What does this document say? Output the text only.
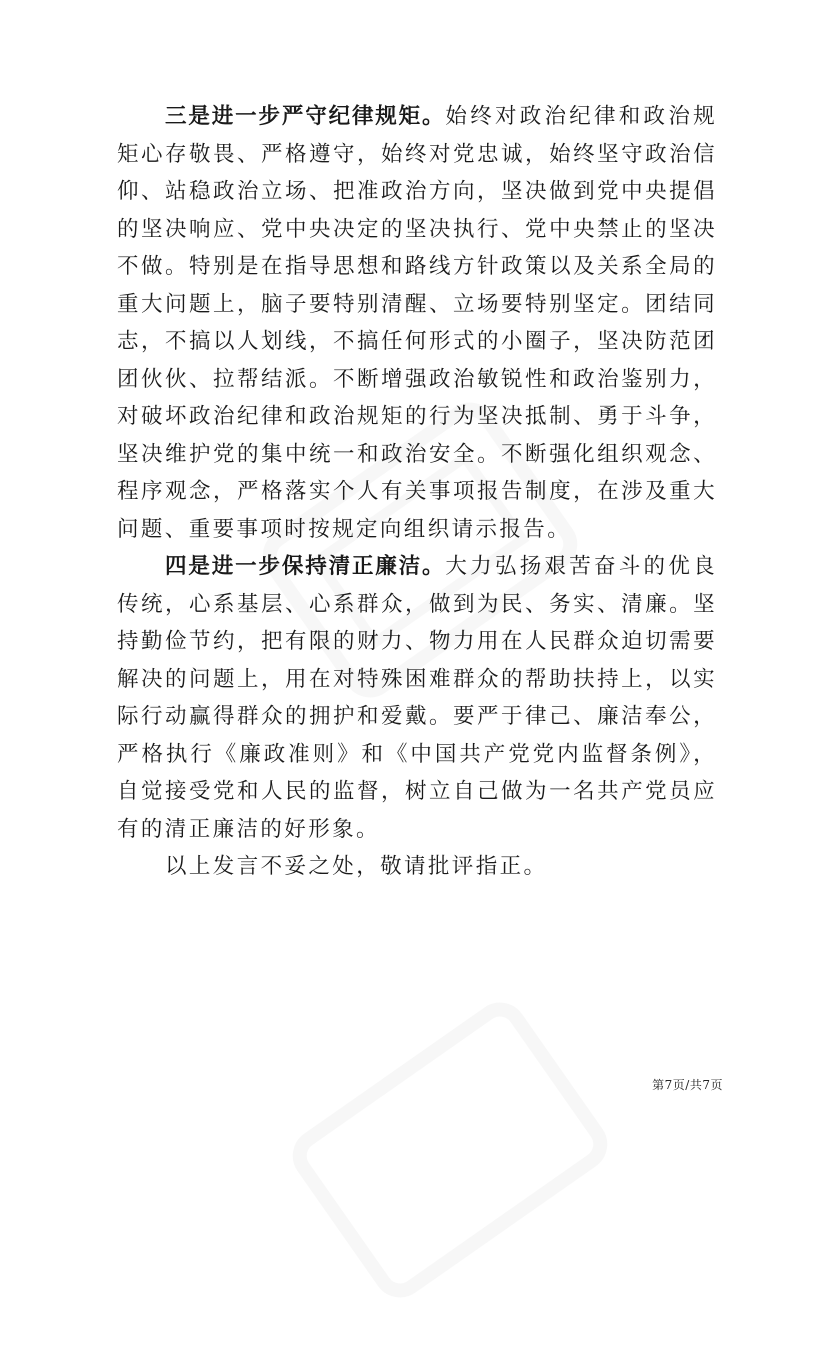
三是进一步严守纪律规矩。始终对政治纪律和政治规矩心存敬畏、严格遵守，始终对党忠诚，始终坚守政治信仰、站稳政治立场、把准政治方向，坚决做到党中央提倡的坚决响应、党中央决定的坚决执行、党中央禁止的坚决不做。特别是在指导思想和路线方针政策以及关系全局的重大问题上，脑子要特别清醒、立场要特别坚定。团结同志，不搞以人划线，不搞任何形式的小圈子，坚决防范团团伙伙、拉帮结派。不断增强政治敏锐性和政治鉴别力，对破坏政治纪律和政治规矩的行为坚决抵制、勇于斗争，坚决维护党的集中统一和政治安全。不断强化组织观念、程序观念，严格落实个人有关事项报告制度，在涉及重大问题、重要事项时按规定向组织请示报告。

四是进一步保持清正廉洁。大力弘扬艰苦奋斗的优良传统，心系基层、心系群众，做到为民、务实、清廉。坚持勤俭节约，把有限的财力、物力用在人民群众迫切需要解决的问题上，用在对特殊困难群众的帮助扶持上，以实际行动赢得群众的拥护和爱戴。要严于律己、廉洁奉公，严格执行《廉政准则》和《中国共产党党内监督条例》，自觉接受党和人民的监督，树立自己做为一名共产党员应有的清正廉洁的好形象。

以上发言不妥之处，敬请批评指正。

第7页/共7页
